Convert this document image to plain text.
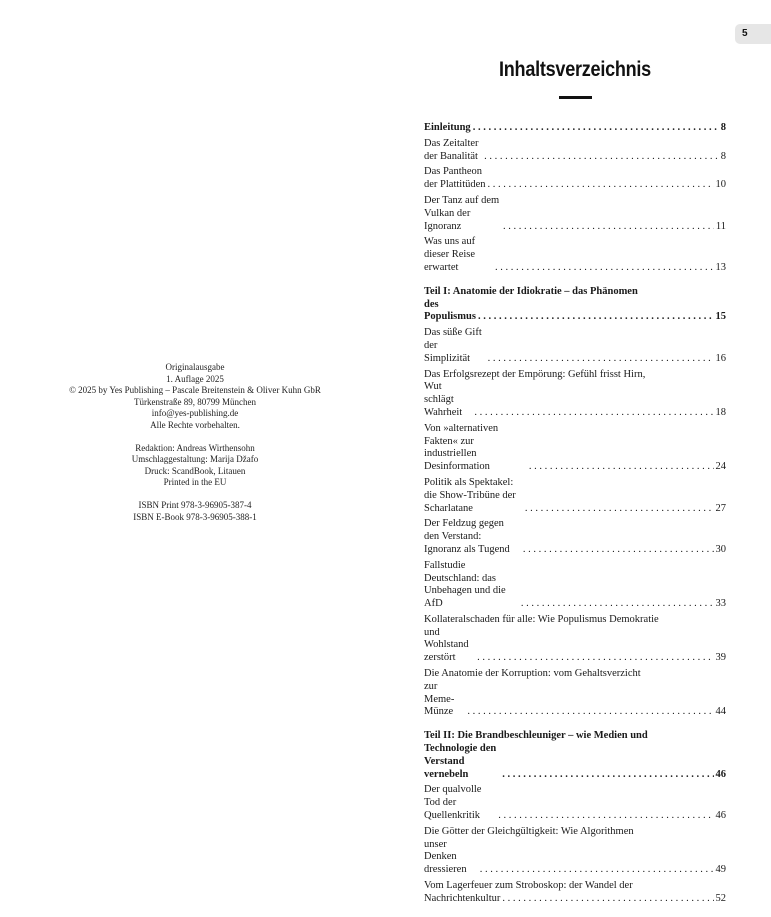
5
Originalausgabe
1. Auflage 2025
© 2025 by Yes Publishing – Pascale Breitenstein & Oliver Kuhn GbR
Türkenstraße 89, 80799 München
info@yes-publishing.de
Alle Rechte vorbehalten.
Redaktion: Andreas Wirthensohn
Umschlaggestaltung: Marija Džafo
Druck: ScandBook, Litauen
Printed in the EU
ISBN Print 978-3-96905-387-4
ISBN E-Book 978-3-96905-388-1
Inhaltsverzeichnis
Einleitung . . .	8
Das Zeitalter der Banalität . . .	8
Das Pantheon der Plattitüden . . .	10
Der Tanz auf dem Vulkan der Ignoranz . . .	11
Was uns auf dieser Reise erwartet . . .	13
Teil I: Anatomie der Idiokratie – das Phänomen
des Populismus . . .	15
Das süße Gift der Simplizität . . .	16
Das Erfolgsrezept der Empörung: Gefühl frisst Hirn,
Wut schlägt Wahrheit . . .	18
Von »alternativen Fakten« zur industriellen Desinformation . . .	24
Politik als Spektakel: die Show-Tribüne der Scharlatane . . .	27
Der Feldzug gegen den Verstand: Ignoranz als Tugend . . .	30
Fallstudie Deutschland: das Unbehagen und die AfD . . .	33
Kollateralschaden für alle: Wie Populismus Demokratie
und Wohlstand zerstört . . .	39
Die Anatomie der Korruption: vom Gehaltsverzicht
zur Meme-Münze . . .	44
Teil II: Die Brandbeschleuniger – wie Medien und
Technologie den Verstand vernebeln . . .	46
Der qualvolle Tod der Quellenkritik . . .	46
Die Götter der Gleichgültigkeit: Wie Algorithmen
unser Denken dressieren . . .	49
Vom Lagerfeuer zum Stroboskop: der Wandel der
Nachrichtenkultur . . .	52
